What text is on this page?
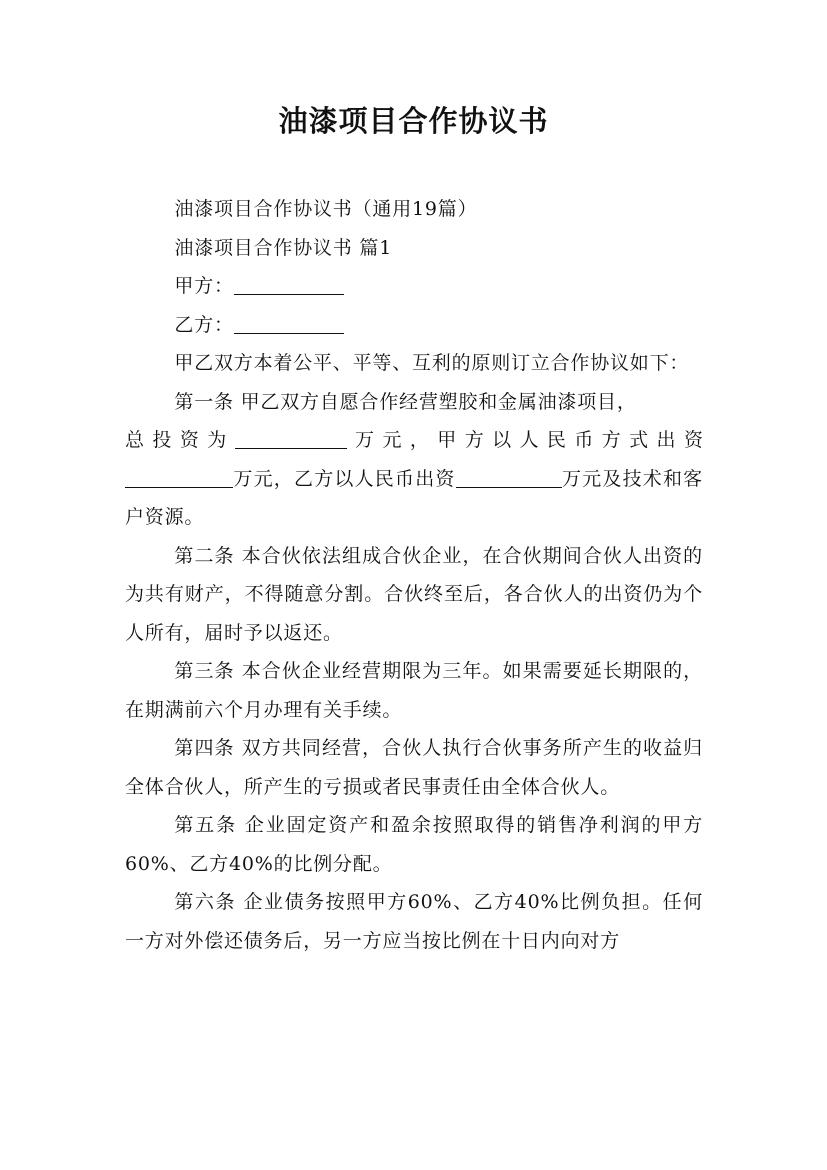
油漆项目合作协议书

油漆项目合作协议书（通用19篇）

油漆项目合作协议书 篇1

甲方：

乙方：

甲乙双方本着公平、平等、互利的原则订立合作协议如下：

第一条 甲乙双方自愿合作经营塑胶和金属油漆项目，

总投资为	万元，甲方以人民币方式出资

万元，乙方以人民币出资	万元及技术和客户资源。

第二条 本合伙依法组成合伙企业，在合伙期间合伙人出资的为共有财产，不得随意分割。合伙终至后，各合伙人的出资仍为个人所有，届时予以返还。

第三条 本合伙企业经营期限为三年。如果需要延长期限的，在期满前六个月办理有关手续。

第四条 双方共同经营，合伙人执行合伙事务所产生的收益归全体合伙人，所产生的亏损或者民事责任由全体合伙人。

第五条 企业固定资产和盈余按照取得的销售净利润的甲方60%、乙方40%的比例分配。

第六条 企业债务按照甲方60%、乙方40%比例负担。任何一方对外偿还债务后，另一方应当按比例在十日内向对方
